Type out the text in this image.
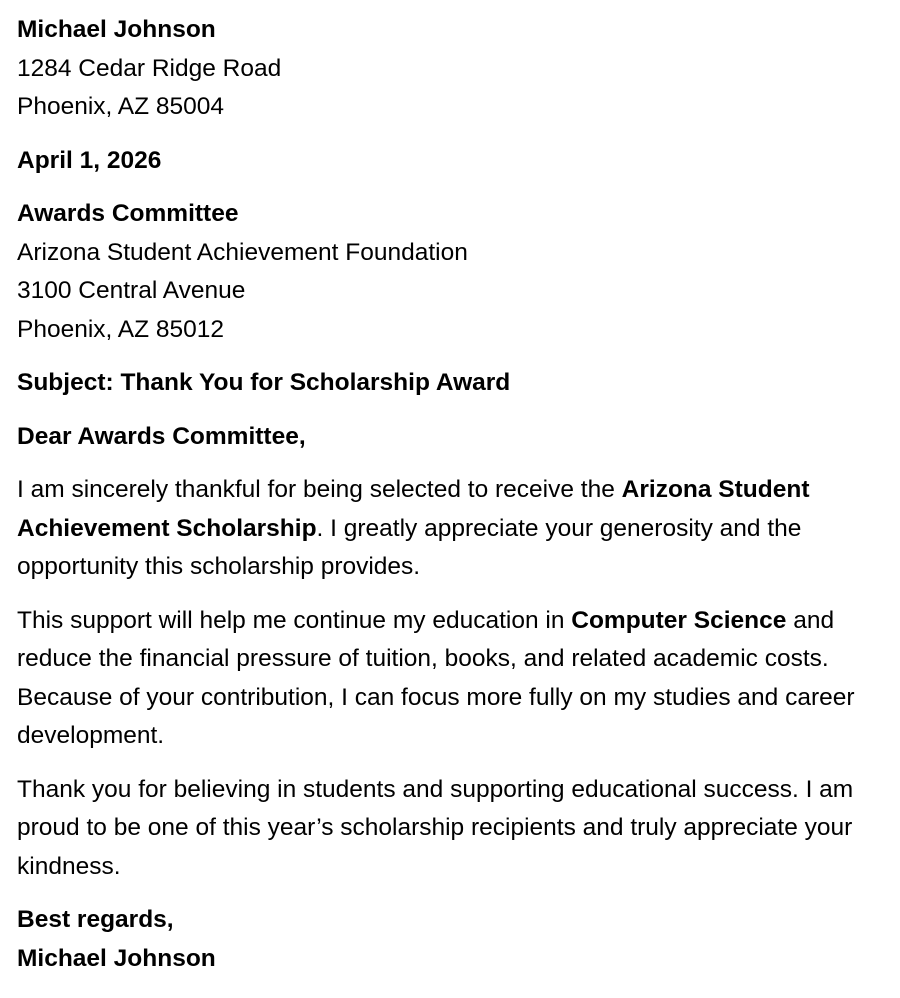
Michael Johnson
1284 Cedar Ridge Road
Phoenix, AZ 85004
April 1, 2026
Awards Committee
Arizona Student Achievement Foundation
3100 Central Avenue
Phoenix, AZ 85012
Subject: Thank You for Scholarship Award
Dear Awards Committee,

I am sincerely thankful for being selected to receive the Arizona Student Achievement Scholarship. I greatly appreciate your generosity and the opportunity this scholarship provides.

This support will help me continue my education in Computer Science and reduce the financial pressure of tuition, books, and related academic costs. Because of your contribution, I can focus more fully on my studies and career development.

Thank you for believing in students and supporting educational success. I am proud to be one of this year’s scholarship recipients and truly appreciate your kindness.

Best regards,
Michael Johnson
